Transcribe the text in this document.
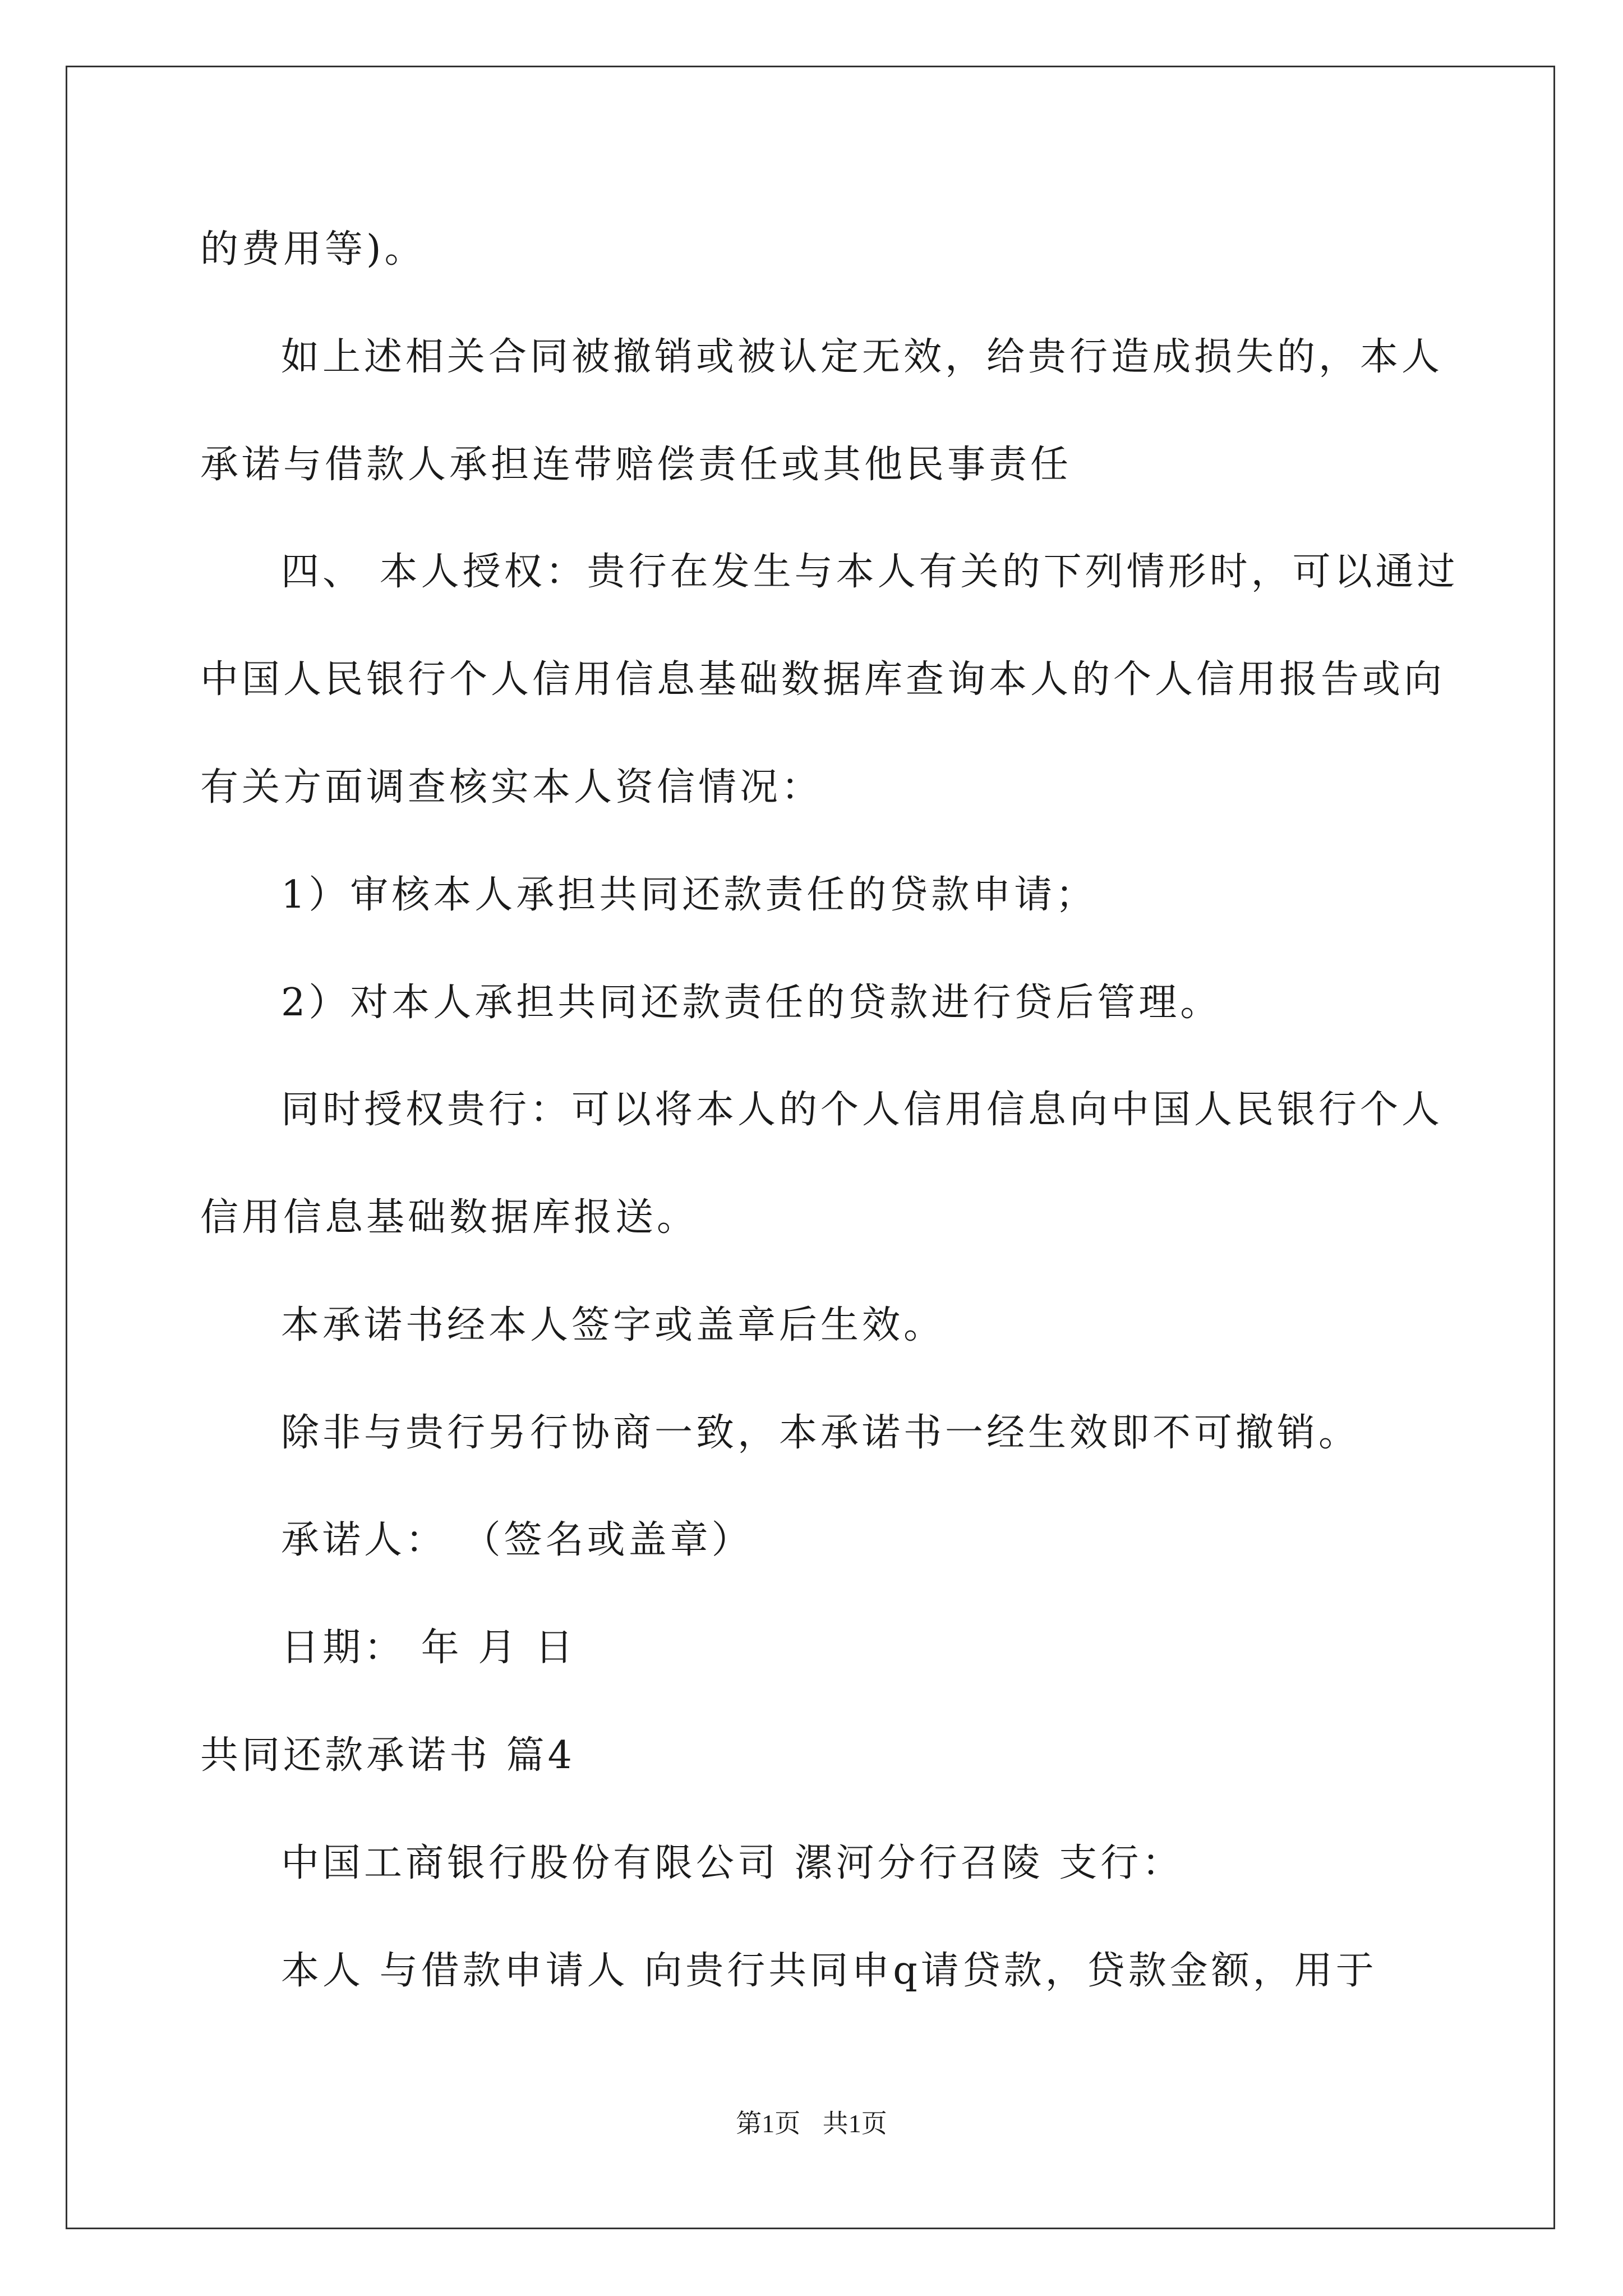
的费用等)。
如上述相关合同被撤销或被认定无效，给贵行造成损失的，本人
承诺与借款人承担连带赔偿责任或其他民事责任
四、 本人授权：贵行在发生与本人有关的下列情形时，可以通过
中国人民银行个人信用信息基础数据库查询本人的个人信用报告或向
有关方面调查核实本人资信情况：
1）审核本人承担共同还款责任的贷款申请；
2）对本人承担共同还款责任的贷款进行贷后管理。
同时授权贵行：可以将本人的个人信用信息向中国人民银行个人
信用信息基础数据库报送。
本承诺书经本人签字或盖章后生效。
除非与贵行另行协商一致，本承诺书一经生效即不可撤销。
承诺人： （签名或盖章）
日期： 年 月 日
共同还款承诺书 篇4
中国工商银行股份有限公司 漯河分行召陵 支行：
本人 与借款申请人 向贵行共同申q请贷款，贷款金额，用于
第1页 共1页
